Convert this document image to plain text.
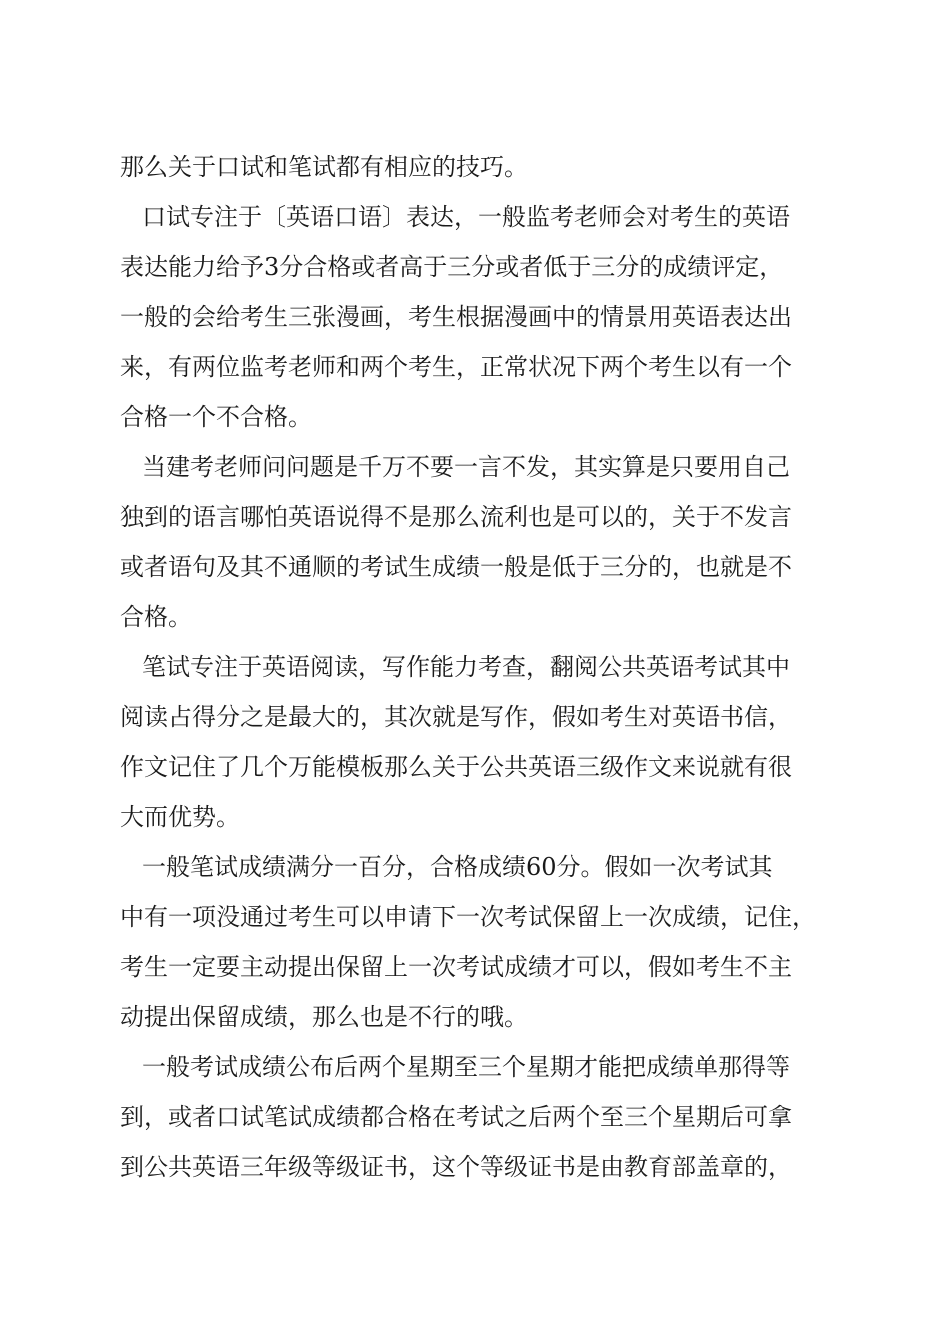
那么关于口试和笔试都有相应的技巧。
口试专注于〔英语口语〕表达，一般监考老师会对考生的英语
表达能力给予3分合格或者高于三分或者低于三分的成绩评定，
一般的会给考生三张漫画，考生根据漫画中的情景用英语表达出
来，有两位监考老师和两个考生，正常状况下两个考生以有一个
合格一个不合格。
当建考老师问问题是千万不要一言不发，其实算是只要用自己
独到的语言哪怕英语说得不是那么流利也是可以的，关于不发言
或者语句及其不通顺的考试生成绩一般是低于三分的，也就是不
合格。
笔试专注于英语阅读，写作能力考查，翻阅公共英语考试其中
阅读占得分之是最大的，其次就是写作，假如考生对英语书信，
作文记住了几个万能模板那么关于公共英语三级作文来说就有很
大而优势。
一般笔试成绩满分一百分，合格成绩60分。假如一次考试其
中有一项没通过考生可以申请下一次考试保留上一次成绩，记住，
考生一定要主动提出保留上一次考试成绩才可以，假如考生不主
动提出保留成绩，那么也是不行的哦。
一般考试成绩公布后两个星期至三个星期才能把成绩单那得等
到，或者口试笔试成绩都合格在考试之后两个至三个星期后可拿
到公共英语三年级等级证书，这个等级证书是由教育部盖章的，
